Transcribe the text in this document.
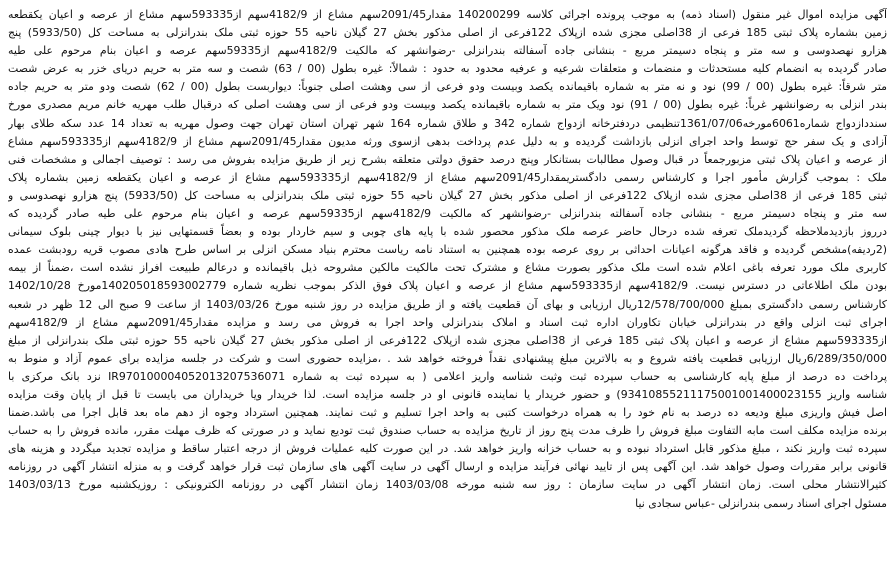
آگهی مزایده اموال غیر منقول (اسناد ذمه) به موجب پرونده اجرائی کلاسه 140200299 مقدار2091/45سهم مشاع از 4182/9سهم از593335سهم مشاع از عرصه و اعیان یکقطعه
زمین بشماره پلاک ثبتی 185 فرعی از 38اصلی مجزی شده ازپلاک 122فرعی از اصلی مذکور بخش 27 گیلان ناحیه 55 حوزه ثبتی ملک بندرانزلی به مساحت کل (5933/50) پنج
هزارو نهصدوسی و سه متر و پنجاه دسیمتر مربع - بنشانی جاده آسفالته بندرانزلی -رضوانشهر که مالکیت 4182/9سهم از59335سهم عرصه و اعیان بنام مرحوم علی طیه
صادر گردیده به انضمام کلیه مستحدثات و منضمات و متعلقات شرعیه و عرفیه محدود به حدود : شمالاً: غیره بطول (00 / 63) شصت و سه متر به حریم دریای خزر به عرض شصت
متر شرقاً: غیره بطول (00 / 99) نود و نه متر به شماره باقیمانده یکصد وبیست ودو فرعی از سی وهشت اصلی جنوباً: دیواربست بطول (00 / 62) شصت ودو متر به حریم جاده
بندر انزلی به رضوانشهر غرباً: غیره بطول (00 / 91) نود ویک متر به شماره باقیمانده یکصد وبیست ودو فرعی از سی وهشت اصلی که درقبال طلب مهریه خانم مریم مصدری مورخ
سنددازدواج شماره6061مورخه1361/07/06تنظیمی دردفترخانه ازدواج شماره 342 و طلاق شماره 164 شهر تهران استان تهران جهت وصول مهریه به تعداد 14 عدد سکه طلای بهار
آزادی و یک سفر حج توسط واحد اجرای انزلی بازداشت گردیده و به دلیل عدم پرداخت بدهی ازسوی ورثه مدیون مقدار2091/45سهم مشاع از 4182/9سهم از593335سهم مشاع
از عرصه و اعیان پلاک ثبتی مزبورجمعاً در قبال وصول مطالبات بستانکار وپنج درصد حقوق دولتی متعلقه بشرح زیر از طریق مزایده بفروش می رسد : توصیف اجمالی و مشخصات فنی
ملک : بموجب گزارش مأمور اجرا و کارشناس رسمی دادگستریمقدار2091/45سهم مشاع از 4182/9سهم از593335سهم مشاع از عرصه و اعیان یکقطعه زمین بشماره پلاک
ثبتی 185 فرعی از 38اصلی مجزی شده ازپلاک 122فرعی از اصلی مذکور بخش 27 گیلان ناحیه 55 حوزه ثبتی ملک بندرانزلی به مساحت کل (5933/50) پنج هزارو نهصدوسی و
سه متر و پنجاه دسیمتر مربع - بنشانی جاده آسفالته بندرانزلی -رضوانشهر که مالکیت 4182/9سهم از59335سهم عرصه و اعیان بنام مرحوم علی طیه صادر گردیده که
درروز بازدیدملاحظه گردیدملک تعرفه شده درحال حاضر عرصه ملک مذکور محصور شده با پایه های چوبی و سیم خاردار بوده و بعضاً قسمتهایی نیز با دیوار چینی بلوک سیمانی
(2ردیفه)مشخص گردیده و فاقد هرگونه اعیانات احداثی بر روی عرصه بوده همچنین به استناد نامه ریاست محترم بنیاد مسکن انزلی بر اساس طرح هادی مصوب قریه رودبشت عمده
کاربری ملک مورد تعرفه باغی اعلام شده است ملک مذکور بصورت مشاع و مشترک تحت مالکیت مالکین مشروحه ذیل باقیمانده و درعالم طبیعت افراز نشده است ،ضمناً از بیمه
بودن ملک اطلاعاتی در دسترس نیست. 4182/9سهم از593335سهم مشاع از عرصه و اعیان پلاک فوق الذکر بموجب نظریه شماره 140205018593002779مورخ 1402/10/28
کارشناس رسمی دادگستری بمبلغ 12/578/700/000ریال ارزیابی و بهای آن قطعیت یافته و از طریق مزایده در روز شنبه مورخ 1403/03/26 از ساعت 9 صبح الی 12 ظهر در شعبه
اجرای ثبت انزلی واقع در بندرانزلی خیابان تکاوران اداره ثبت اسناد و املاک بندرانزلی واحد اجرا به فروش می رسد و مزایده مقدار2091/45سهم مشاع از 4182/9سهم
از593335سهم مشاع از عرصه و اعیان پلاک ثبتی 185 فرعی از 38اصلی مجزی شده ازپلاک 122فرعی از اصلی مذکور بخش 27 گیلان ناحیه 55 حوزه ثبتی ملک بندرانزلی از مبلغ
6/289/350/000ریال ارزیابی قطعیت یافته شروع و به بالاترین مبلغ پیشنهادی نقداً فروخته خواهد شد . ،مزایده حضوری است و شرکت در جلسه مزایده برای عموم آزاد و منوط به
پرداخت ده درصد از مبلغ پایه کارشناسی به حساب سپرده ثبت وثبت شناسه واریز اعلامی ( به سپرده ثبت به شماره IR970100004052013207536071 نزد بانک مرکزی با
شناسه واریز 93410855211175001001400023155) و حضور خریدار یا نماینده قانونی او در جلسه مزایده است. لذا خریدار ویا خریداران می بایست تا قبل از پایان وقت مزایده
اصل فیش واریزی مبلغ ودیعه ده درصد به نام خود را به همراه درخواست کتبی به واحد اجرا تسلیم و ثبت نمایند. همچنین استرداد وجوه از دهم ماه بعد قابل اجرا می باشد.ضمنا
برنده مزایده مکلف است مابه التفاوت مبلغ فروش را ظرف مدت پنج روز از تاریخ مزایده به حساب صندوق ثبت تودیع نماید و در صورتی که ظرف مهلت مقرر، مانده فروش را به حساب
سپرده ثبت واریز نکند ، مبلغ مذکور قابل استرداد نبوده و به حساب خزانه واریز خواهد شد. در این صورت کلیه عملیات فروش از درجه اعتبار ساقط و مزایده تجدید میگردد و هزینه های
قانونی برابر مقررات وصول خواهد شد. این آگهی پس از تایید نهائی فرآیند مزایده و ارسال آگهی در سایت آگهی های سازمان ثبت قرار خواهد گرفت و به منزله انتشار آگهی در روزنامه
کثیرالانتشار محلی است. زمان انتشار آگهی در سایت سازمان : روز سه شنبه مورخه 1403/03/08 زمان انتشار آگهی در روزنامه الکترونیکی : روزیکشنبه مورخ 1403/03/13
مسئول اجرای اسناد رسمی بندرانزلی -عباس سجادی نیا
